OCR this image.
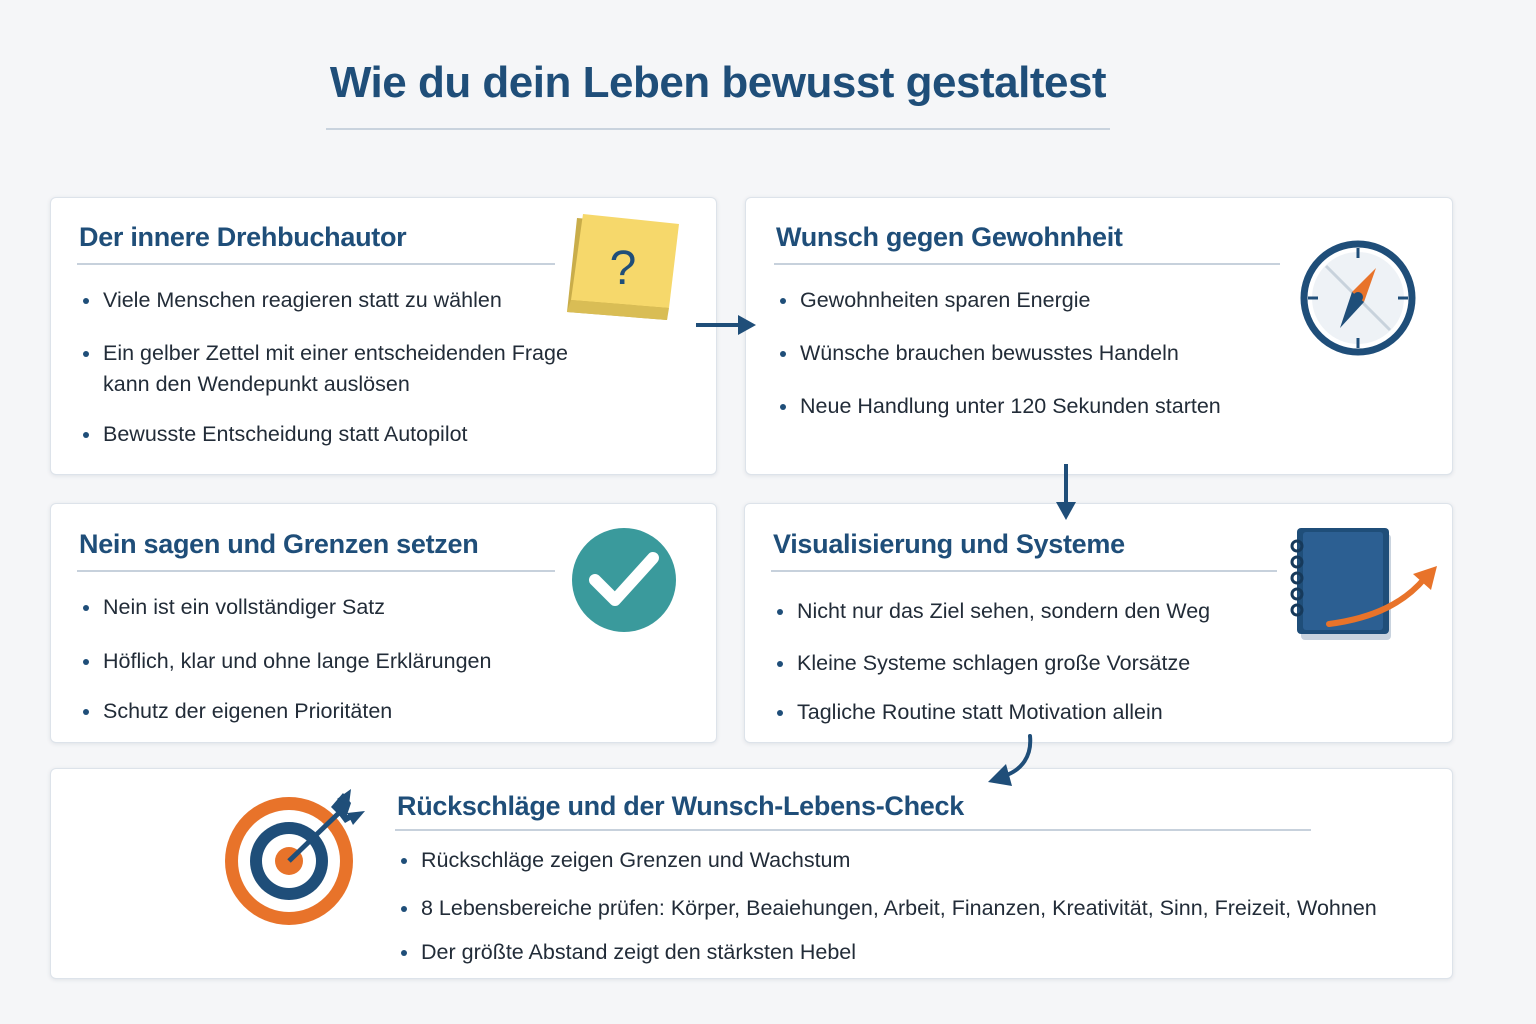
Wie du dein Leben bewusst gestaltest
Der innere Drehbuchautor
Viele Menschen reagieren statt zu wählen
Ein gelber Zettel mit einer entscheidenden Frage
kann den Wendepunkt auslösen
Bewusste Entscheidung statt Autopilot
?
Wunsch gegen Gewohnheit
Gewohnheiten sparen Energie
Wünsche brauchen bewusstes Handeln
Neue Handlung unter 120 Sekunden starten
Nein sagen und Grenzen setzen
Nein ist ein vollständiger Satz
Höflich, klar und ohne lange Erklärungen
Schutz der eigenen Prioritäten
Visualisierung und Systeme
Nicht nur das Ziel sehen, sondern den Weg
Kleine Systeme schlagen große Vorsätze
Tagliche Routine statt Motivation allein
Rückschläge und der Wunsch-Lebens-Check
Rückschläge zeigen Grenzen und Wachstum
8 Lebensbereiche prüfen: Körper, Beaiehungen, Arbeit, Finanzen, Kreativität, Sinn, Freizeit, Wohnen
Der größte Abstand zeigt den stärksten Hebel
